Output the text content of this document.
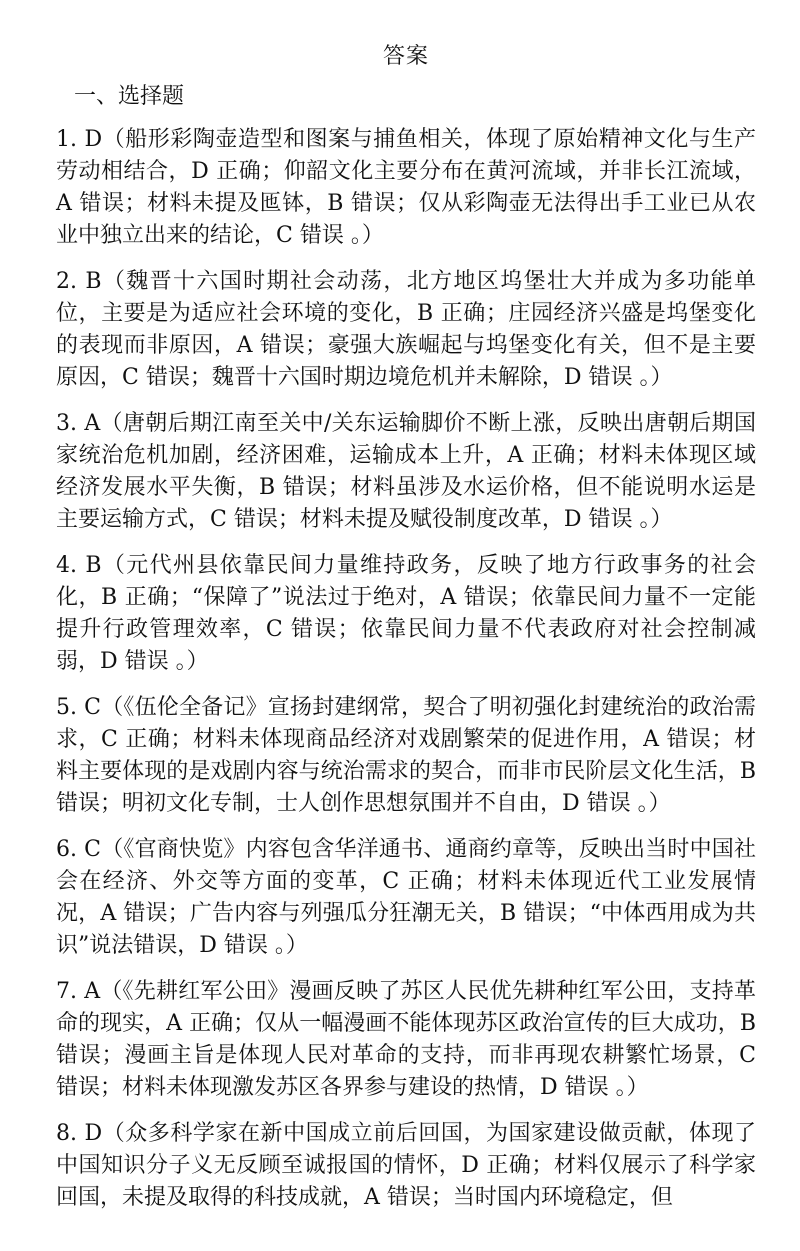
答案
一、选择题

1. D（船形彩陶壶造型和图案与捕鱼相关，体现了原始精神文化与生产劳动相结合，D 正确；仰韶文化主要分布在黄河流域，并非长江流域，A 错误；材料未提及匜钵，B 错误；仅从彩陶壶无法得出手工业已从农业中独立出来的结论，C 错误 。）

2. B（魏晋十六国时期社会动荡，北方地区坞堡壮大并成为多功能单位，主要是为适应社会环境的变化，B 正确；庄园经济兴盛是坞堡变化的表现而非原因，A 错误；豪强大族崛起与坞堡变化有关，但不是主要原因，C 错误；魏晋十六国时期边境危机并未解除，D 错误 。）

3. A（唐朝后期江南至关中/关东运输脚价不断上涨，反映出唐朝后期国家统治危机加剧，经济困难，运输成本上升，A 正确；材料未体现区域经济发展水平失衡，B 错误；材料虽涉及水运价格，但不能说明水运是主要运输方式，C 错误；材料未提及赋役制度改革，D 错误 。）

4. B（元代州县依靠民间力量维持政务，反映了地方行政事务的社会化，B 正确；“保障了”说法过于绝对，A 错误；依靠民间力量不一定能提升行政管理效率，C 错误；依靠民间力量不代表政府对社会控制减弱，D 错误 。）

5. C（《伍伦全备记》宣扬封建纲常，契合了明初强化封建统治的政治需求，C 正确；材料未体现商品经济对戏剧繁荣的促进作用，A 错误；材料主要体现的是戏剧内容与统治需求的契合，而非市民阶层文化生活，B 错误；明初文化专制，士人创作思想氛围并不自由，D 错误 。）

6. C（《官商快览》内容包含华洋通书、通商约章等，反映出当时中国社会在经济、外交等方面的变革，C 正确；材料未体现近代工业发展情况，A 错误；广告内容与列强瓜分狂潮无关，B 错误；“中体西用成为共识”说法错误，D 错误 。）

7. A（《先耕红军公田》漫画反映了苏区人民优先耕种红军公田，支持革命的现实，A 正确；仅从一幅漫画不能体现苏区政治宣传的巨大成功，B 错误；漫画主旨是体现人民对革命的支持，而非再现农耕繁忙场景，C 错误；材料未体现激发苏区各界参与建设的热情，D 错误 。）

8. D（众多科学家在新中国成立前后回国，为国家建设做贡献，体现了中国知识分子义无反顾至诚报国的情怀，D 正确；材料仅展示了科学家回国，未提及取得的科技成就，A 错误；当时国内环境稳定，但
